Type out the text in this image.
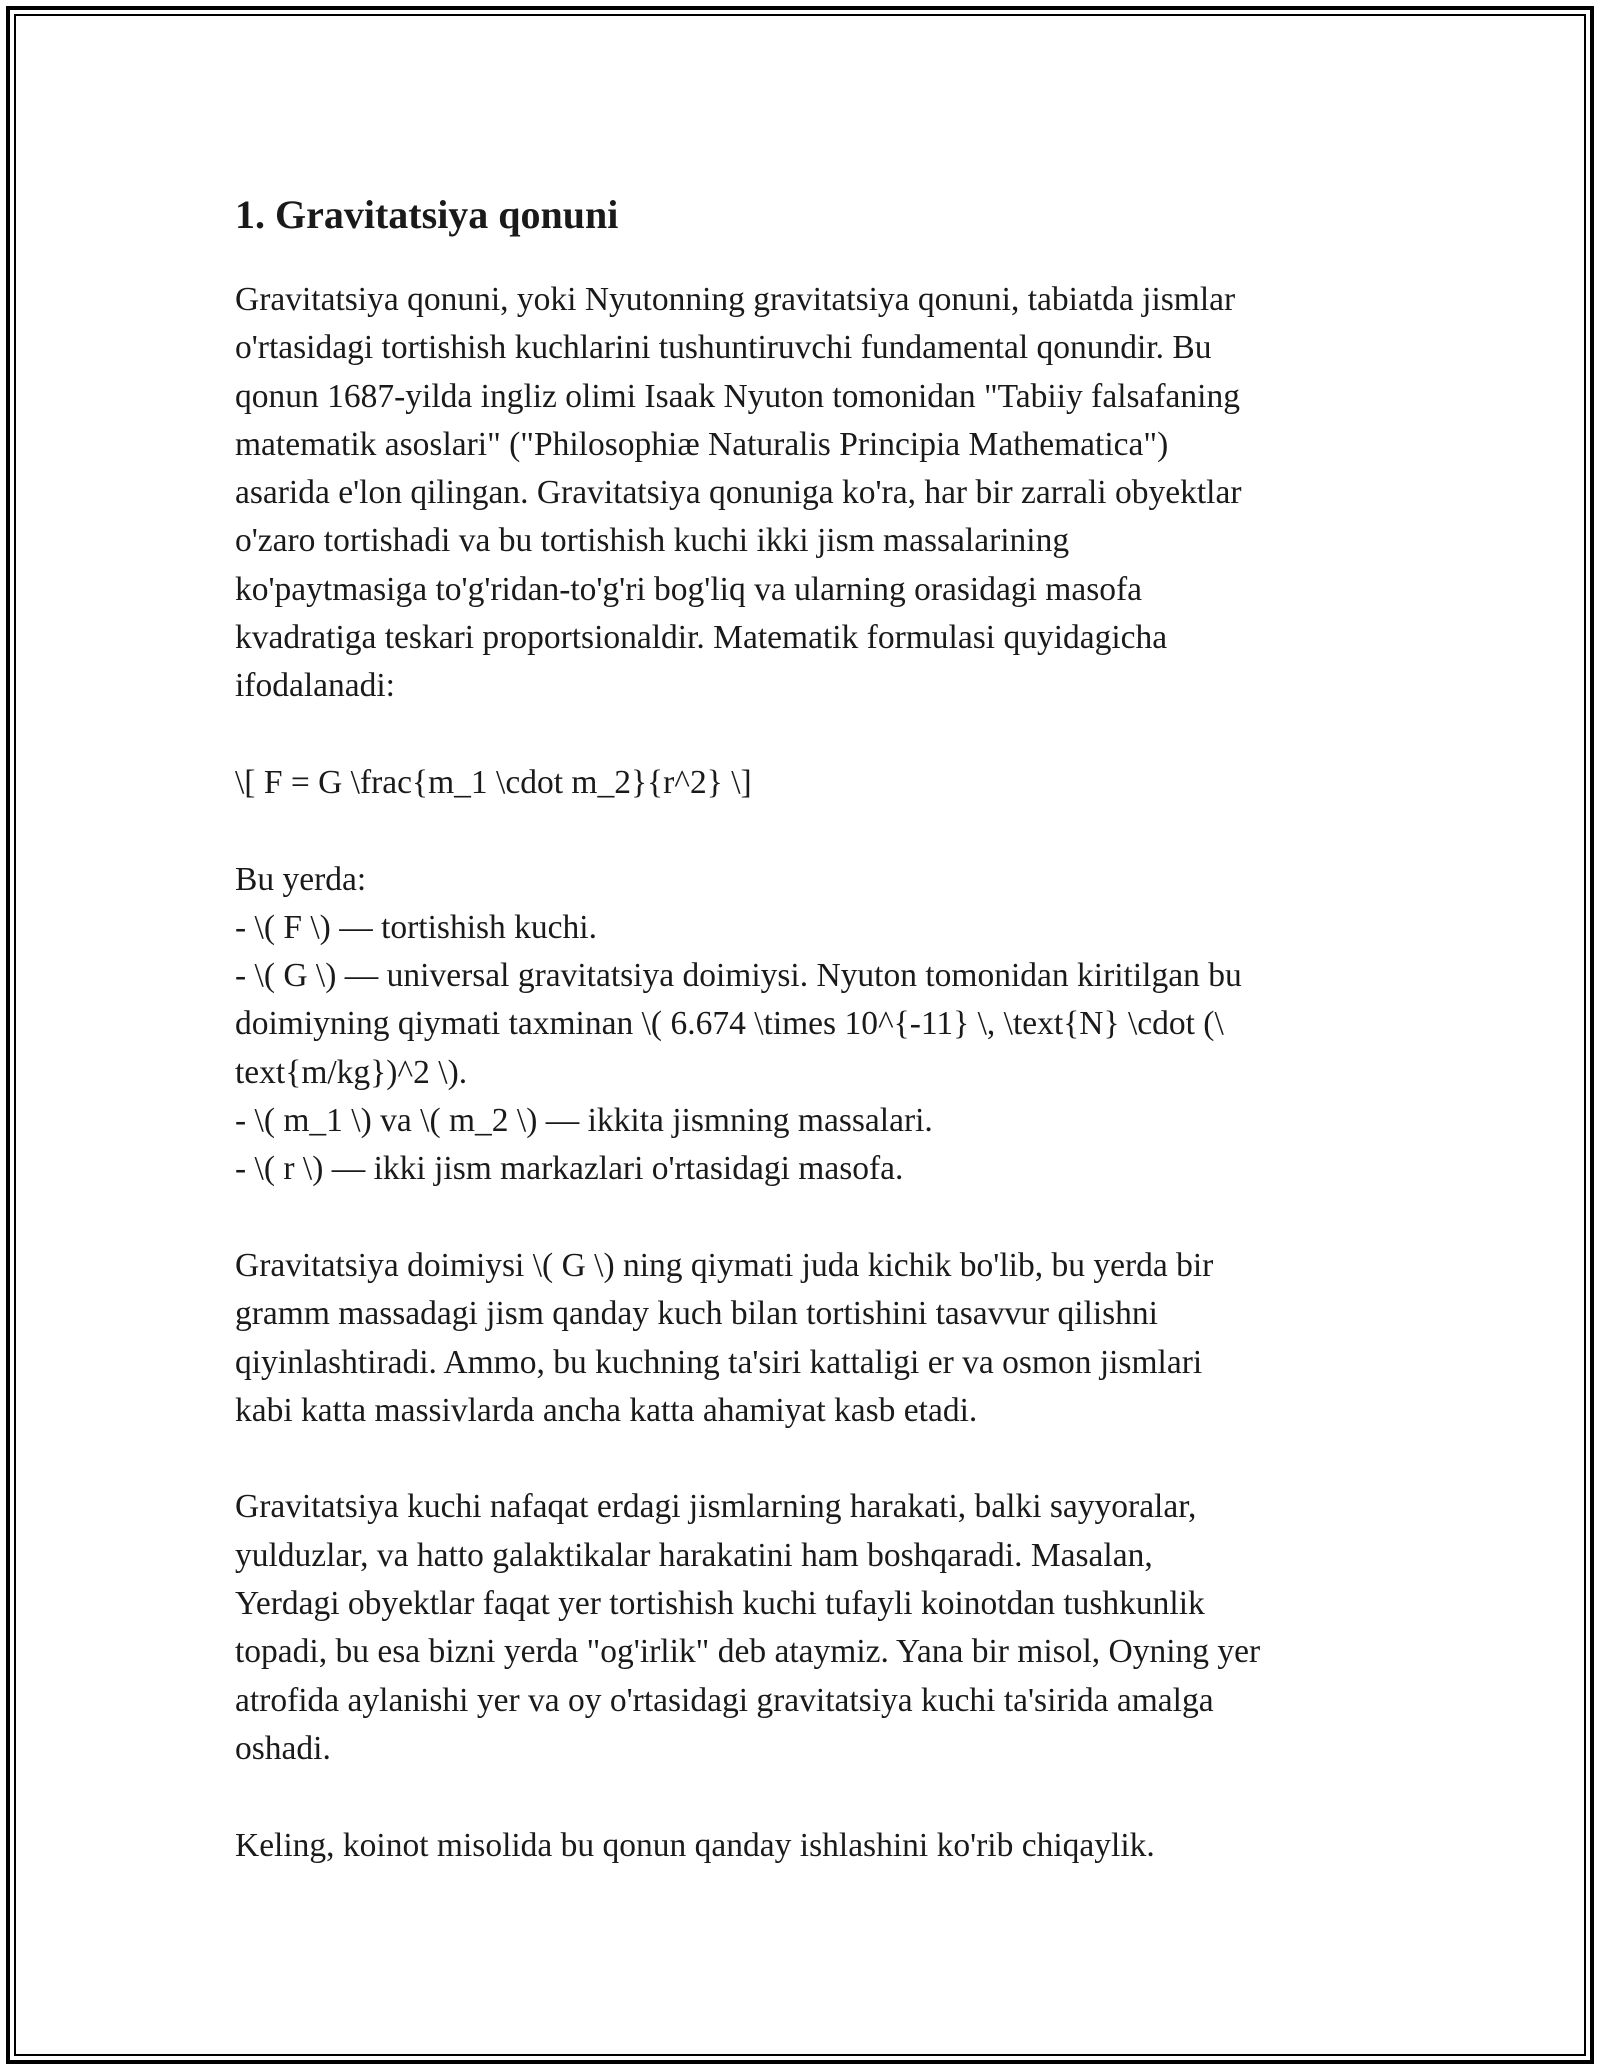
1. Gravitatsiya qonuni
Gravitatsiya qonuni, yoki Nyutonning gravitatsiya qonuni, tabiatda jismlar
o'rtasidagi tortishish kuchlarini tushuntiruvchi fundamental qonundir. Bu
qonun 1687-yilda ingliz olimi Isaak Nyuton tomonidan "Tabiiy falsafaning
matematik asoslari" ("Philosophiæ Naturalis Principia Mathematica")
asarida e'lon qilingan. Gravitatsiya qonuniga ko'ra, har bir zarrali obyektlar
o'zaro tortishadi va bu tortishish kuchi ikki jism massalarining
ko'paytmasiga to'g'ridan-to'g'ri bog'liq va ularning orasidagi masofa
kvadratiga teskari proportsionaldir. Matematik formulasi quyidagicha
ifodalanadi:
\[ F = G \frac{m_1 \cdot m_2}{r^2} \]
Bu yerda:
- \( F \) — tortishish kuchi.
- \( G \) — universal gravitatsiya doimiysi. Nyuton tomonidan kiritilgan bu
doimiyning qiymati taxminan \( 6.674 \times 10^{-11} \, \text{N} \cdot (\
text{m/kg})^2 \).
- \( m_1 \) va \( m_2 \) — ikkita jismning massalari.
- \( r \) — ikki jism markazlari o'rtasidagi masofa.
Gravitatsiya doimiysi \( G \) ning qiymati juda kichik bo'lib, bu yerda bir
gramm massadagi jism qanday kuch bilan tortishini tasavvur qilishni
qiyinlashtiradi. Ammo, bu kuchning ta'siri kattaligi er va osmon jismlari
kabi katta massivlarda ancha katta ahamiyat kasb etadi.
Gravitatsiya kuchi nafaqat erdagi jismlarning harakati, balki sayyoralar,
yulduzlar, va hatto galaktikalar harakatini ham boshqaradi. Masalan,
Yerdagi obyektlar faqat yer tortishish kuchi tufayli koinotdan tushkunlik
topadi, bu esa bizni yerda "og'irlik" deb ataymiz. Yana bir misol, Oyning yer
atrofida aylanishi yer va oy o'rtasidagi gravitatsiya kuchi ta'sirida amalga
oshadi.
Keling, koinot misolida bu qonun qanday ishlashini ko'rib chiqaylik.
